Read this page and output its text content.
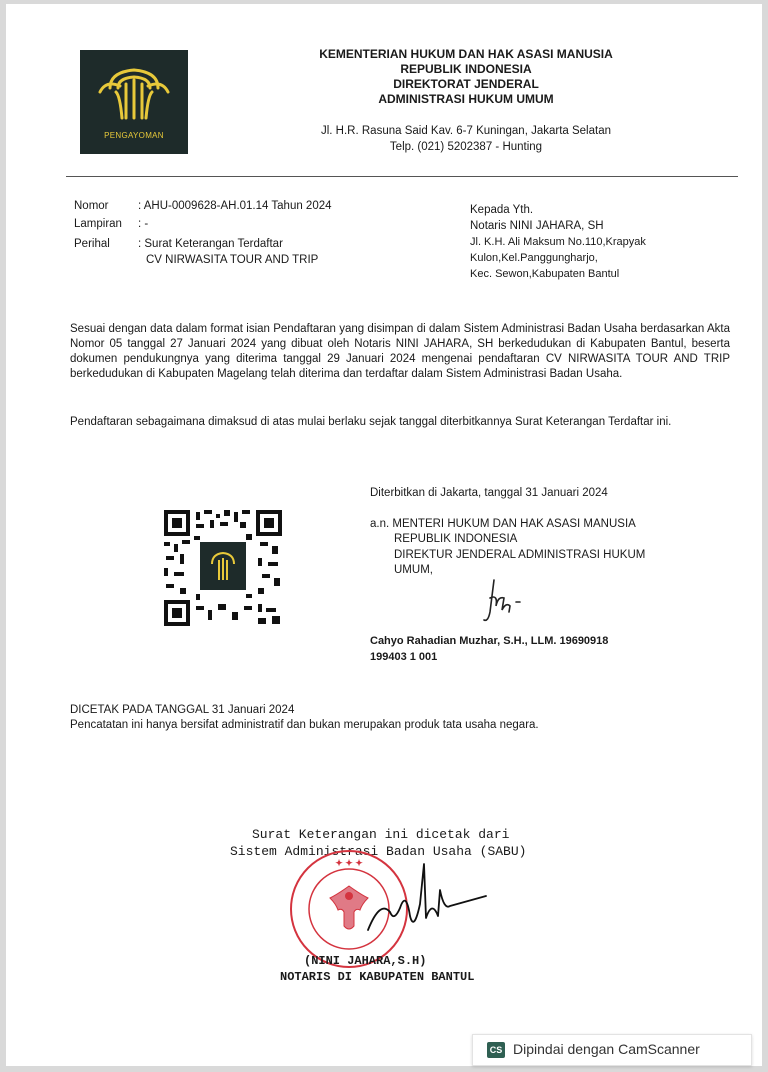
PENGAYOMAN
KEMENTERIAN HUKUM DAN HAK ASASI MANUSIA
REPUBLIK INDONESIA
DIREKTORAT JENDERAL
ADMINISTRASI HUKUM UMUM
Jl. H.R. Rasuna Said Kav. 6-7 Kuningan, Jakarta Selatan
Telp. (021) 5202387 - Hunting
Nomor	: AHU-0009628-AH.01.14 Tahun 2024
Lampiran : -
Perihal : Surat Keterangan Terdaftar
CV NIRWASITA TOUR AND TRIP
Kepada Yth.
Notaris NINI JAHARA, SH
Jl. K.H. Ali Maksum No.110,Krapyak
Kulon,Kel.Panggungharjo,
Kec. Sewon,Kabupaten Bantul
Sesuai dengan data dalam format isian Pendaftaran yang disimpan di dalam Sistem Administrasi Badan Usaha berdasarkan Akta Nomor 05 tanggal 27 Januari 2024 yang dibuat oleh Notaris NINI JAHARA, SH berkedudukan di Kabupaten Bantul, beserta dokumen pendukungnya yang diterima tanggal 29 Januari 2024 mengenai pendaftaran CV NIRWASITA TOUR AND TRIP berkedudukan di Kabupaten Magelang telah diterima dan terdaftar dalam Sistem Administrasi Badan Usaha.
Pendaftaran sebagaimana dimaksud di atas mulai berlaku sejak tanggal diterbitkannya Surat Keterangan Terdaftar ini.
Diterbitkan di Jakarta, tanggal 31 Januari 2024
a.n. MENTERI HUKUM DAN HAK ASASI MANUSIA
REPUBLIK INDONESIA
DIREKTUR JENDERAL ADMINISTRASI HUKUM
UMUM,
Cahyo Rahadian Muzhar, S.H., LLM. 19690918
199403 1 001
DICETAK PADA TANGGAL 31 Januari 2024
Pencatatan ini hanya bersifat administratif dan bukan merupakan produk tata usaha negara.
Surat Keterangan ini dicetak dari
Sistem Administrasi Badan Usaha (SABU)
✦ ✦ ✦
(NINI JAHARA,S.H)
NOTARIS DI KABUPATEN BANTUL
CS Dipindai dengan CamScanner
